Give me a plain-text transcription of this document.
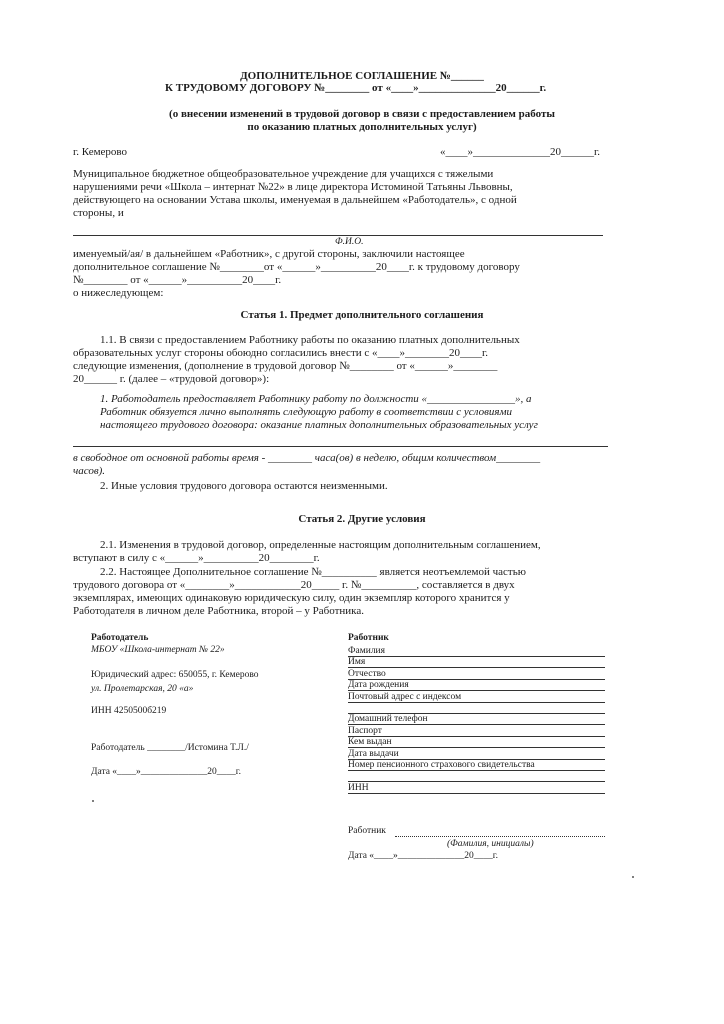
ДОПОЛНИТЕЛЬНОЕ СОГЛАШЕНИЕ №______
К ТРУДОВОМУ ДОГОВОРУ №________ от «____»______________20______г.
(о внесении изменений в трудовой договор в связи с предоставлением работы
по оказанию платных дополнительных услуг)
г. Кемерово	«____»______________20______г.
Муниципальное бюджетное общеобразовательное учреждение для учащихся с тяжелыми
нарушениями речи «Школа – интернат №22» в лице директора Истоминой Татьяны Львовны,
действующего на основании Устава школы, именуемая в дальнейшем «Работодатель», с одной
стороны, и
Ф.И.О.
именуемый/ая/ в дальнейшем «Работник», с другой стороны, заключили настоящее
дополнительное соглашение №________от «______»__________20____г. к трудовому договору
№________ от «______»__________20____г.
о нижеследующем:
Статья 1. Предмет дополнительного соглашения
1.1. В связи с предоставлением Работнику работы по оказанию платных дополнительных
образовательных услуг стороны обоюдно согласились внести с «____»________20____г.
следующие изменения, (дополнение в трудовой договор №________ от «______»________
20______ г. (далее – «трудовой договор»):
1. Работодатель предоставляет Работнику работу по должности «________________», а
Работник обязуется лично выполнять следующую работу в соответствии с условиями
настоящего трудового договора: оказание платных дополнительных образовательных услуг
в свободное от основной работы время - ________ часа(ов) в неделю, общим количеством________
часов).
2. Иные условия трудового договора остаются неизменными.
Статья 2. Другие условия
2.1. Изменения в трудовой договор, определенные настоящим дополнительным соглашением,
вступают в силу с «______»__________20________г.
2.2. Настоящее Дополнительное соглашение №__________ является неотъемлемой частью
трудового договора от «________»____________20_____ г. №__________, составляется в двух
экземплярах, имеющих одинаковую юридическую силу, один экземпляр которого хранится у
Работодателя в личном деле Работника, второй – у Работника.
Работодатель
МБОУ «Школа-интернат № 22»
Юридический адрес: 650055, г. Кемерово
ул. Пролетарская, 20 «а»
ИНН 4250500б219
Работодатель ________/Истомина Т.Л./
Дата «____»______________20____г.
Работник
Фамилия
Имя
Отчество
Дата рождения
Почтовый адрес с индексом
Домашний телефон
Паспорт
Кем выдан
Дата выдачи
Номер пенсионного страхового свидетельства
ИНН
Работник
(Фамилия, инициалы)
Дата «____»______________20____г.
